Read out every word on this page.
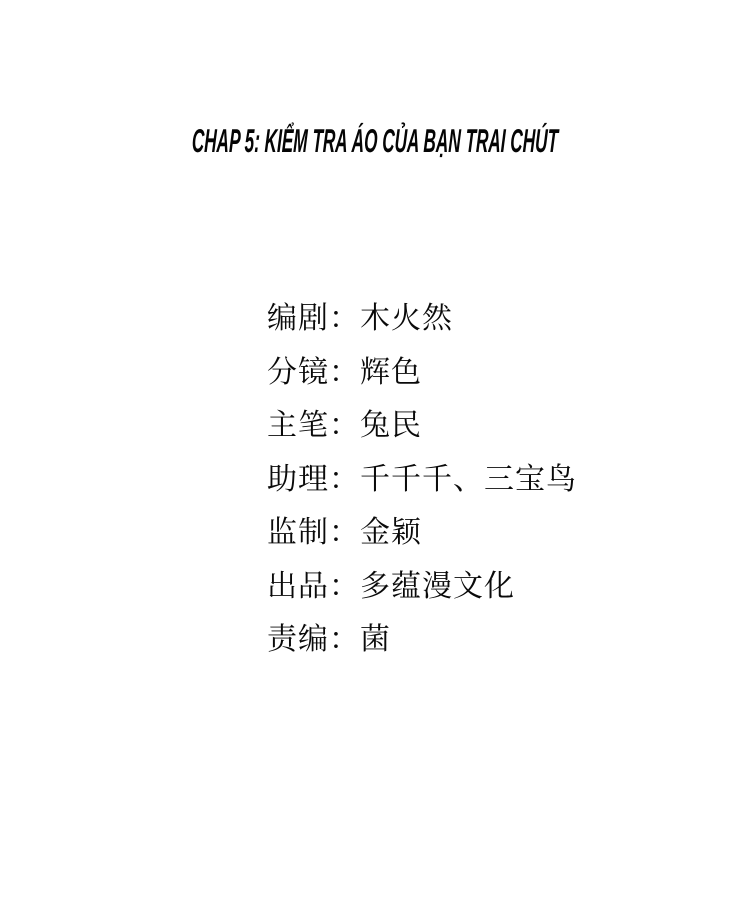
CHAP 5: KIỂM TRA ÁO CỦA BẠN TRAI CHÚT
编剧：木火然
分镜：辉色
主笔：兔民
助理：千千千、三宝鸟
监制：金颖
出品：多蕴漫文化
责编：菌
